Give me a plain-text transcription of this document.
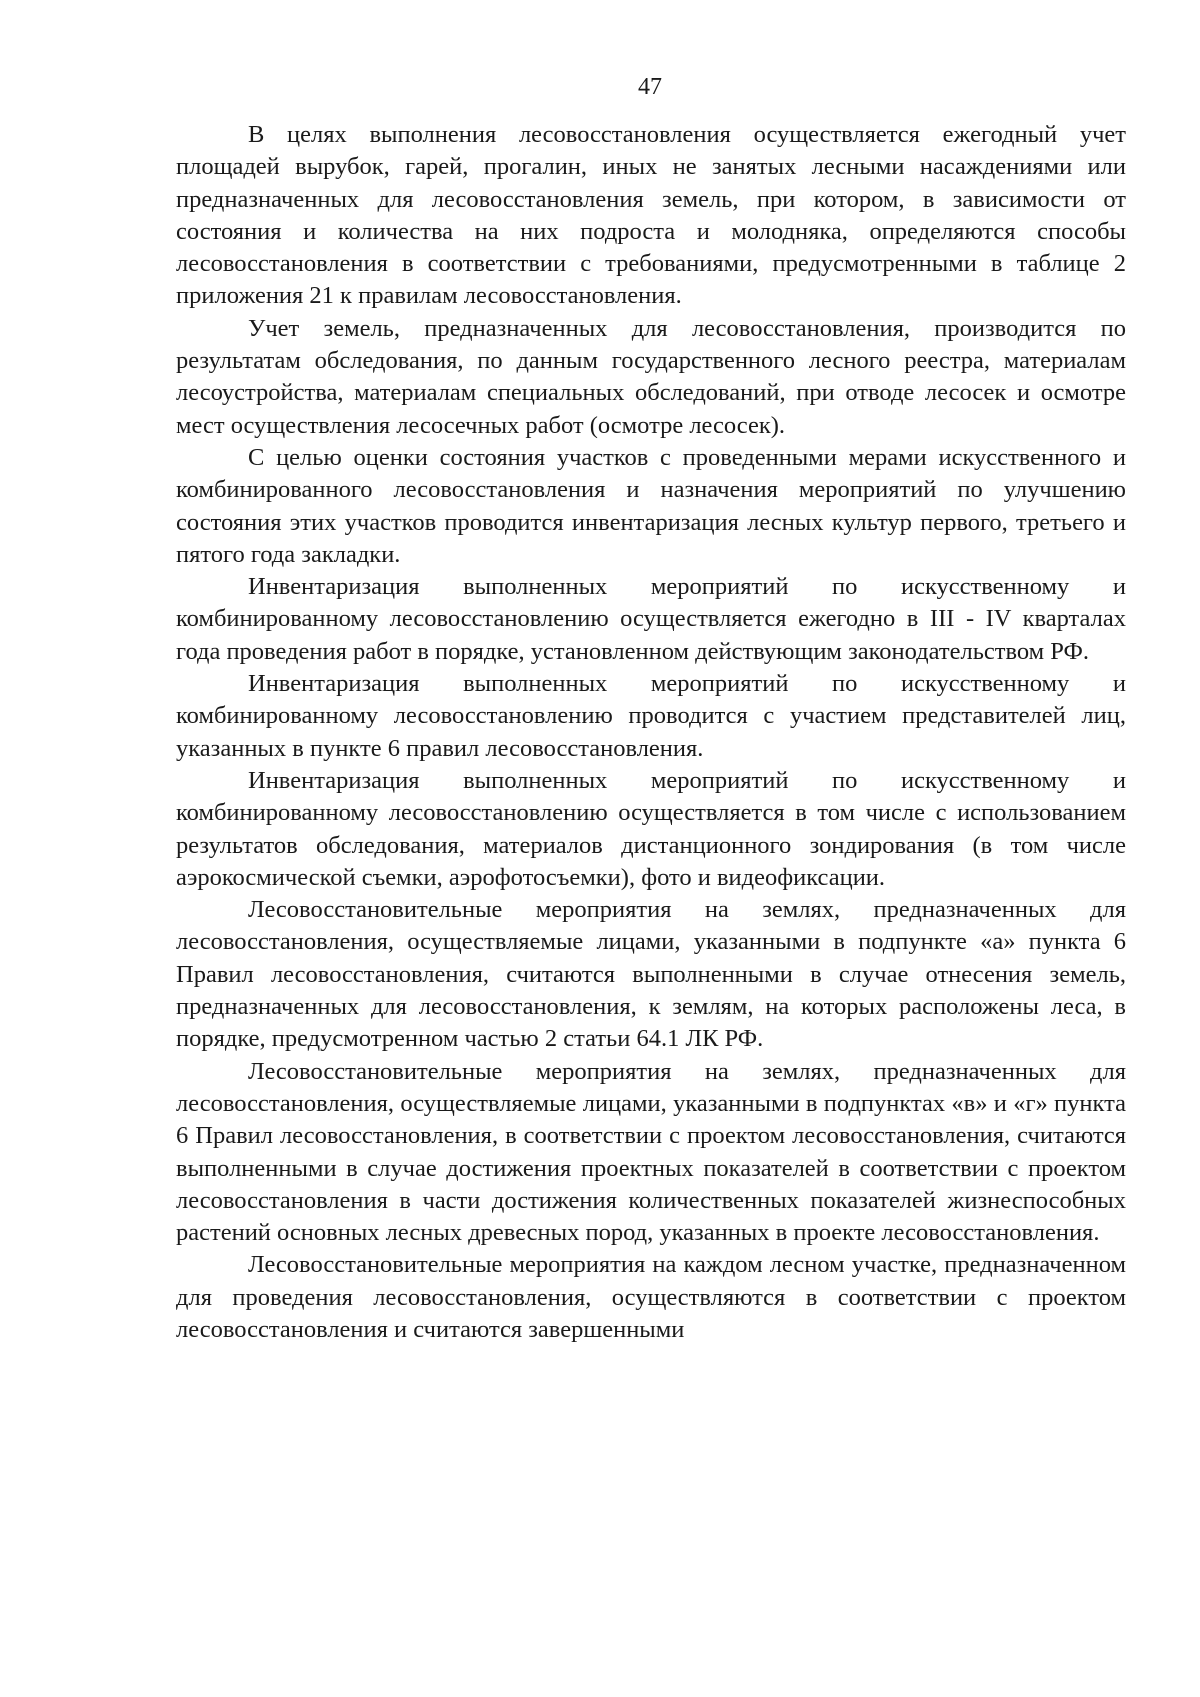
47

В целях выполнения лесовосстановления осуществляется ежегодный учет площадей вырубок, гарей, прогалин, иных не занятых лесными насаждениями или предназначенных для лесовосстановления земель, при котором, в зависимости от состояния и количества на них подроста и молодняка, определяются способы лесовосстановления в соответствии с требованиями, предусмотренными в таблице 2 приложения 21 к правилам лесовосстановления.

Учет земель, предназначенных для лесовосстановления, производится по результатам обследования, по данным государственного лесного реестра, материалам лесоустройства, материалам специальных обследований, при отводе лесосек и осмотре мест осуществления лесосечных работ (осмотре лесосек).

С целью оценки состояния участков с проведенными мерами искусственного и комбинированного лесовосстановления и назначения мероприятий по улучшению состояния этих участков проводится инвентаризация лесных культур первого, третьего и пятого года закладки.

Инвентаризация выполненных мероприятий по искусственному и комбинированному лесовосстановлению осуществляется ежегодно в III - IV кварталах года проведения работ в порядке, установленном действующим законодательством РФ.

Инвентаризация выполненных мероприятий по искусственному и комбинированному лесовосстановлению проводится с участием представителей лиц, указанных в пункте 6 правил лесовосстановления.

Инвентаризация выполненных мероприятий по искусственному и комбинированному лесовосстановлению осуществляется в том числе с использованием результатов обследования, материалов дистанционного зондирования (в том числе аэрокосмической съемки, аэрофотосъемки), фото и видеофиксации.

Лесовосстановительные мероприятия на землях, предназначенных для лесовосстановления, осуществляемые лицами, указанными в подпункте «а» пункта 6 Правил лесовосстановления, считаются выполненными в случае отнесения земель, предназначенных для лесовосстановления, к землям, на которых расположены леса, в порядке, предусмотренном частью 2 статьи 64.1 ЛК РФ.

Лесовосстановительные мероприятия на землях, предназначенных для лесовосстановления, осуществляемые лицами, указанными в подпунктах «в» и «г» пункта 6 Правил лесовосстановления, в соответствии с проектом лесовосстановления, считаются выполненными в случае достижения проектных показателей в соответствии с проектом лесовосстановления в части достижения количественных показателей жизнеспособных растений основных лесных древесных пород, указанных в проекте лесовосстановления.

Лесовосстановительные мероприятия на каждом лесном участке, предназначенном для проведения лесовосстановления, осуществляются в соответствии с проектом лесовосстановления и считаются завершенными
